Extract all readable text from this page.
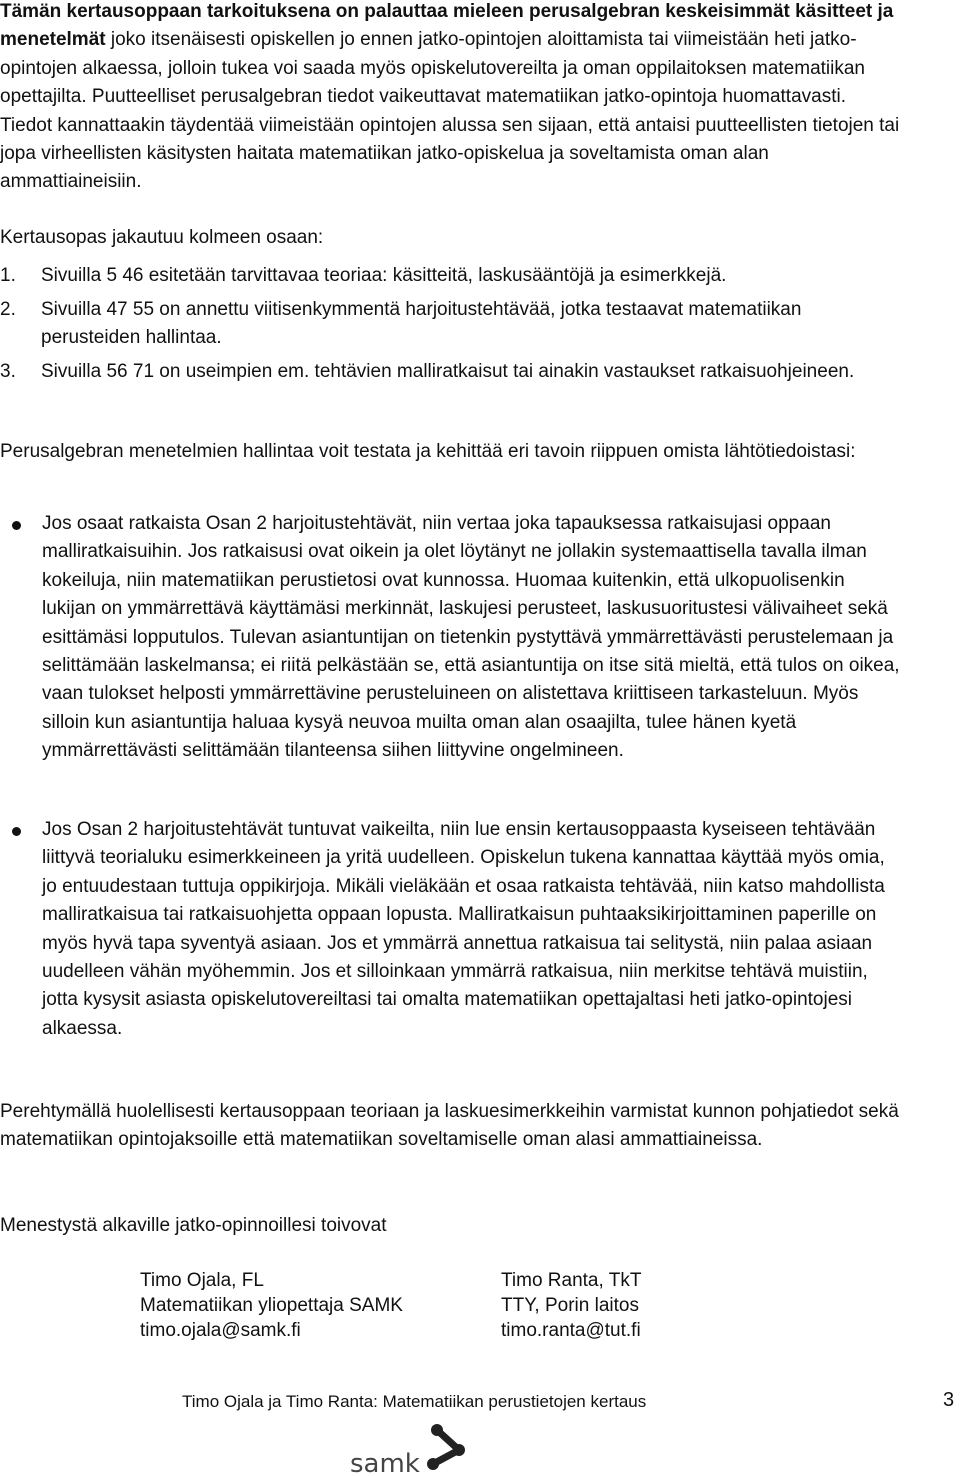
Tämän kertausoppaan tarkoituksena on palauttaa mieleen perusalgebran keskeisimmät käsitteet ja menetelmät joko itsenäisesti opiskellen jo ennen jatko-opintojen aloittamista tai viimeistään heti jatko-opintojen alkaessa, jolloin tukea voi saada myös opiskelutovereilta ja oman oppilaitoksen matematiikan opettajilta. Puutteelliset perusalgebran tiedot vaikeuttavat matematiikan jatko-opintoja huomattavasti. Tiedot kannattaakin täydentää viimeistään opintojen alussa sen sijaan, että antaisi puutteellisten tietojen tai jopa virheellisten käsitysten haitata matematiikan jatko-opiskelua ja soveltamista oman alan ammattiaineisiin.

Kertausopas jakautuu kolmeen osaan:

1.	Sivuilla 5 46 esitetään tarvittavaa teoriaa: käsitteitä, laskusääntöjä ja esimerkkejä.
2.	Sivuilla 47 55 on annettu viitisenkymmentä harjoitustehtävää, jotka testaavat matematiikan perusteiden hallintaa.
3.	Sivuilla 56 71 on useimpien em. tehtävien malliratkaisut tai ainakin vastaukset ratkaisuohjeineen.

Perusalgebran menetelmien hallintaa voit testata ja kehittää eri tavoin riippuen omista lähtötiedoistasi:

Jos osaat ratkaista Osan 2 harjoitustehtävät, niin vertaa joka tapauksessa ratkaisujasi oppaan malliratkaisuihin. Jos ratkaisusi ovat oikein ja olet löytänyt ne jollakin systemaattisella tavalla ilman kokeiluja, niin matematiikan perustietosi ovat kunnossa. Huomaa kuitenkin, että ulkopuolisenkin lukijan on ymmärrettävä käyttämäsi merkinnät, laskujesi perusteet, laskusuoritustesi välivaiheet sekä esittämäsi lopputulos. Tulevan asiantuntijan on tietenkin pystyttävä ymmärrettävästi perustelemaan ja selittämään laskelmansa; ei riitä pelkästään se, että asiantuntija on itse sitä mieltä, että tulos on oikea, vaan tulokset helposti ymmärrettävine perusteluineen on alistettava kriittiseen tarkasteluun. Myös silloin kun asiantuntija haluaa kysyä neuvoa muilta oman alan osaajilta, tulee hänen kyetä ymmärrettävästi selittämään tilanteensa siihen liittyvine ongelmineen.
Jos Osan 2 harjoitustehtävät tuntuvat vaikeilta, niin lue ensin kertausoppaasta kyseiseen tehtävään liittyvä teorialuku esimerkkeineen ja yritä uudelleen. Opiskelun tukena kannattaa käyttää myös omia, jo entuudestaan tuttuja oppikirjoja. Mikäli vieläkään et osaa ratkaista tehtävää, niin katso mahdollista malliratkaisua tai ratkaisuohjetta oppaan lopusta. Malliratkaisun puhtaaksikirjoittaminen paperille on myös hyvä tapa syventyä asiaan. Jos et ymmärrä annettua ratkaisua tai selitystä, niin palaa asiaan uudelleen vähän myöhemmin. Jos et silloinkaan ymmärrä ratkaisua, niin merkitse tehtävä muistiin, jotta kysysit asiasta opiskelutovereiltasi tai omalta matematiikan opettajaltasi heti jatko-opintojesi alkaessa.

Perehtymällä huolellisesti kertausoppaan teoriaan ja laskuesimerkkeihin varmistat kunnon pohjatiedot sekä matematiikan opintojaksoille että matematiikan soveltamiselle oman alasi ammattiaineissa.

Menestystä alkaville jatko-opinnoillesi toivovat

Timo Ojala, FL
Matematiikan yliopettaja SAMK
timo.ojala@samk.fi
Timo Ranta, TkT
TTY, Porin laitos
timo.ranta@tut.fi
Timo Ojala ja Timo Ranta: Matematiikan perustietojen kertaus	3
samk
